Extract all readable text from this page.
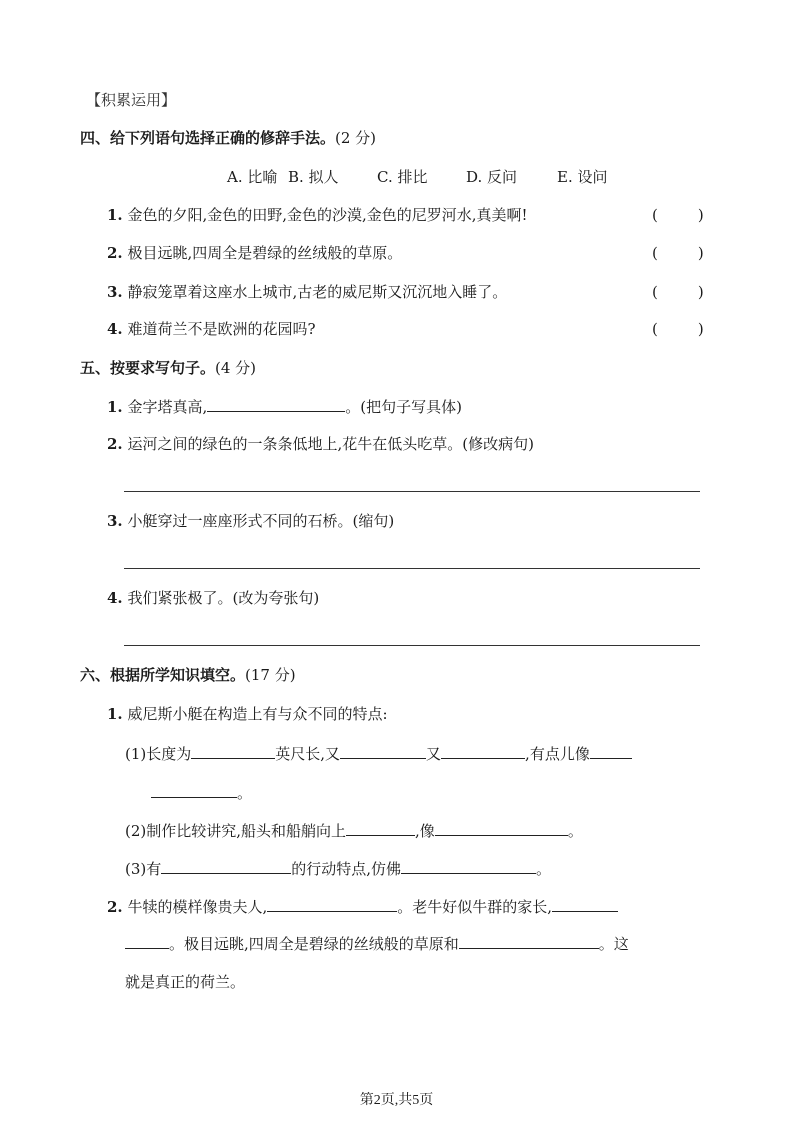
【积累运用】
四、给下列语句选择正确的修辞手法。(2 分)
A. 比喻 B. 拟人	C. 排比	D. 反问	E. 设问
1. 金色的夕阳,金色的田野,金色的沙漠,金色的尼罗河水,真美啊!	(	)
2. 极目远眺,四周全是碧绿的丝绒般的草原。	(	)
3. 静寂笼罩着这座水上城市,古老的威尼斯又沉沉地入睡了。	(	)
4. 难道荷兰不是欧洲的花园吗?	(	)
五、按要求写句子。(4 分)
1. 金字塔真高,	。(把句子写具体)
2. 运河之间的绿色的一条条低地上,花牛在低头吃草。(修改病句)
3. 小艇穿过一座座形式不同的石桥。(缩句)
4. 我们紧张极了。(改为夸张句)
六、根据所学知识填空。(17 分)
1. 威尼斯小艇在构造上有与众不同的特点:
(1)长度为	英尺长,又	又	,有点儿像
。
(2)制作比较讲究,船头和船艄向上	,像	。
(3)有	的行动特点,仿佛	。
2. 牛犊的模样像贵夫人,	。老牛好似牛群的家长,
。极目远眺,四周全是碧绿的丝绒般的草原和	。这
就是真正的荷兰。
第2页,共5页
